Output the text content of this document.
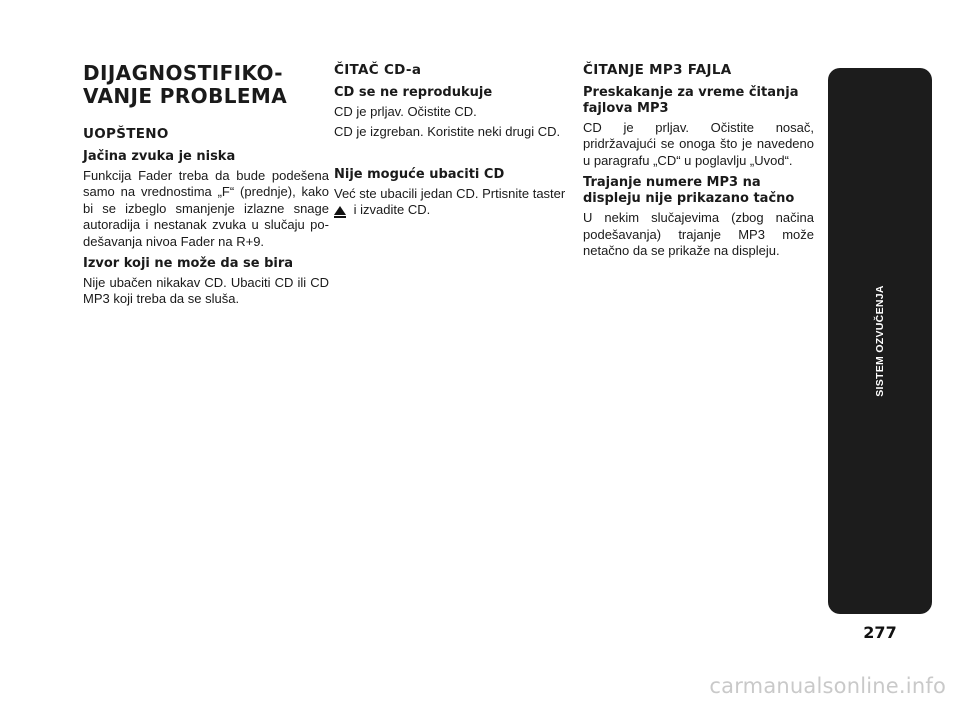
DIJAGNOSTIFIKO-
VANJE PROBLEMA
UOPŠTENO
Jačina zvuka je niska

Funkcija Fader treba da bude podešena samo na vrednostima „F“ (prednje), kako bi se izbeglo smanjenje izlazne snage autoradija i nestanak zvuka u slučaju podešavanja nivoa Fader na R+9.

Izvor koji ne može da se bira

Nije ubačen nikakav CD. Ubaciti CD ili CD MP3 koji treba da se sluša.

ČITAČ CD-a
CD se ne reprodukuje

CD je prljav. Očistite CD.

CD je izgreban. Koristite neki drugi CD.

Nije moguće ubaciti CD

Već ste ubacili jedan CD. Prtisnite taster
i izvadite CD.

ČITANJE MP3 FAJLA
Preskakanje za vreme čitanja fajlova MP3

CD je prljav. Očistite nosač, pridržavajući se onoga što je navedeno u paragrafu „CD“ u poglavlju „Uvod“.

Trajanje numere MP3 na displeju nije prikazano tačno

U nekim slučajevima (zbog načina podešavanja) trajanje MP3 može netačno da se prikaže na displeju.

SISTEM OZVUČENJA
277
carmanualsonline.info
